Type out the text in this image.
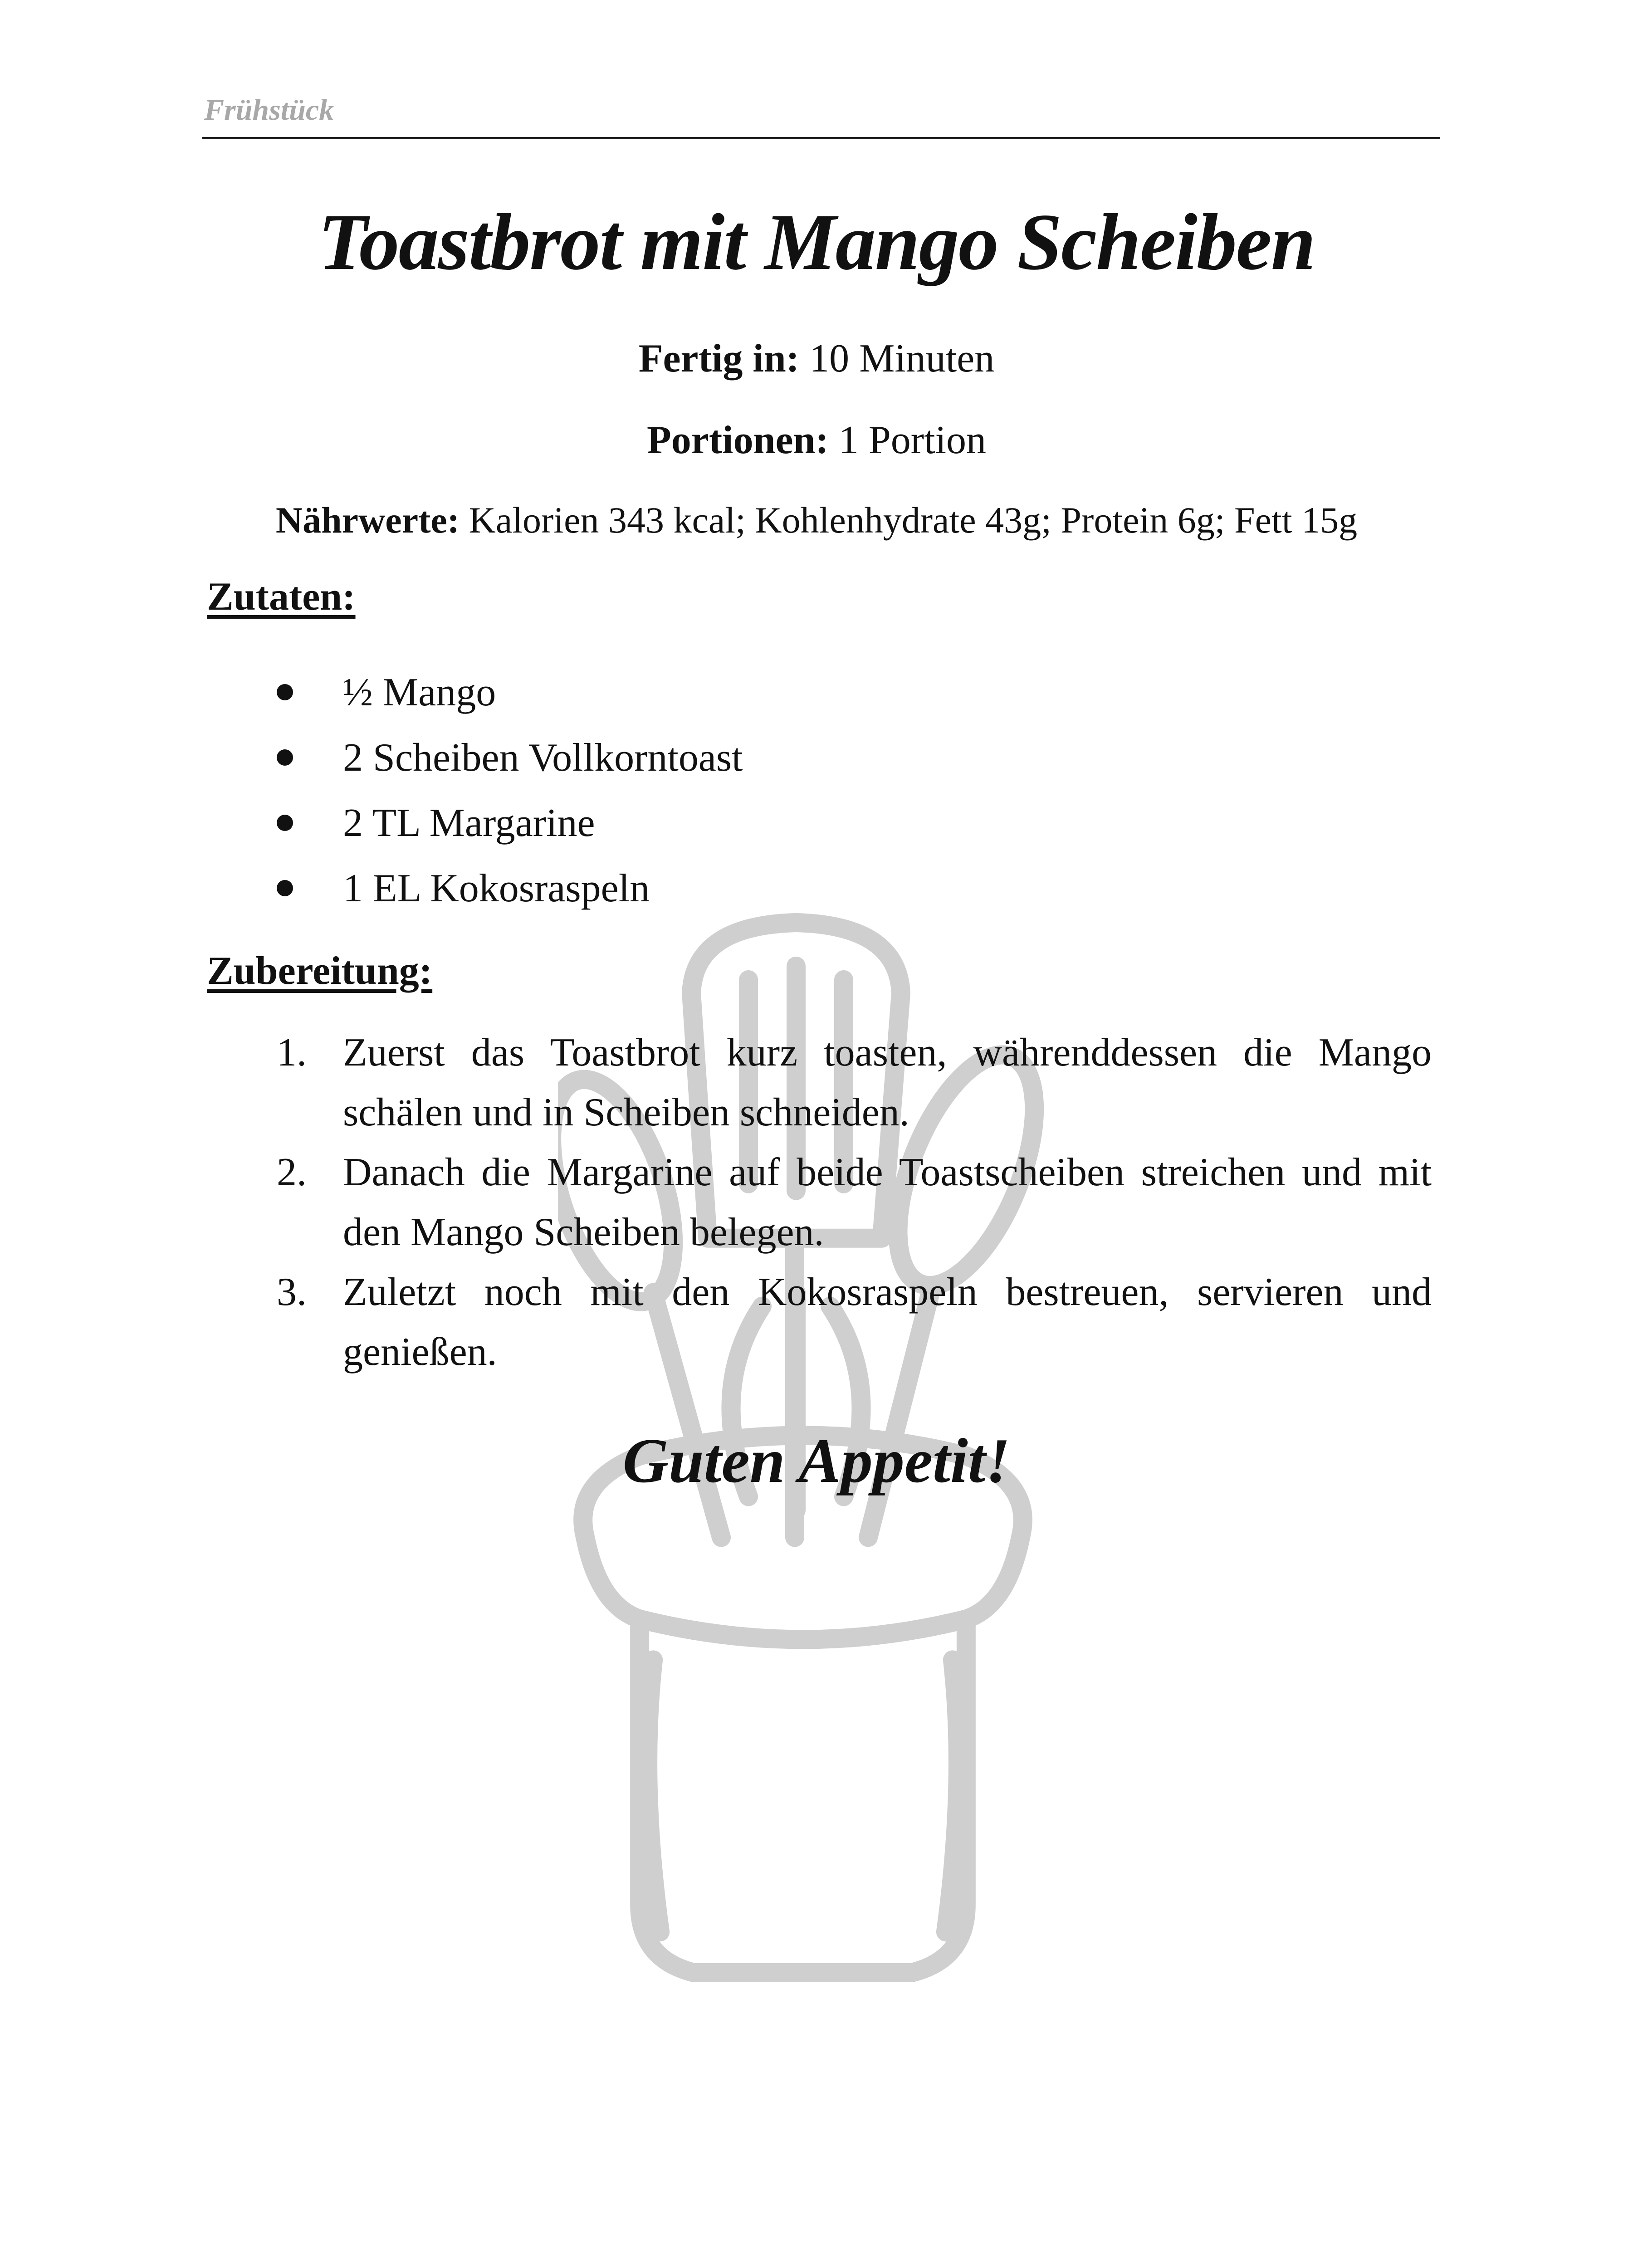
Frühstück
Toastbrot mit Mango Scheiben
Fertig in: 10 Minuten
Portionen: 1 Portion
Nährwerte: Kalorien 343 kcal; Kohlenhydrate 43g; Protein 6g; Fett 15g
Zutaten:
½ Mango
2 Scheiben Vollkorntoast
2 TL Margarine
1 EL Kokosraspeln
Zubereitung:
1. Zuerst das Toastbrot kurz toasten, währenddessen die Mango schälen und in Scheiben schneiden.
2. Danach die Margarine auf beide Toastscheiben streichen und mit den Mango Scheiben belegen.
3. Zuletzt noch mit den Kokosraspeln bestreuen, servieren und genießen.
Guten Appetit!
